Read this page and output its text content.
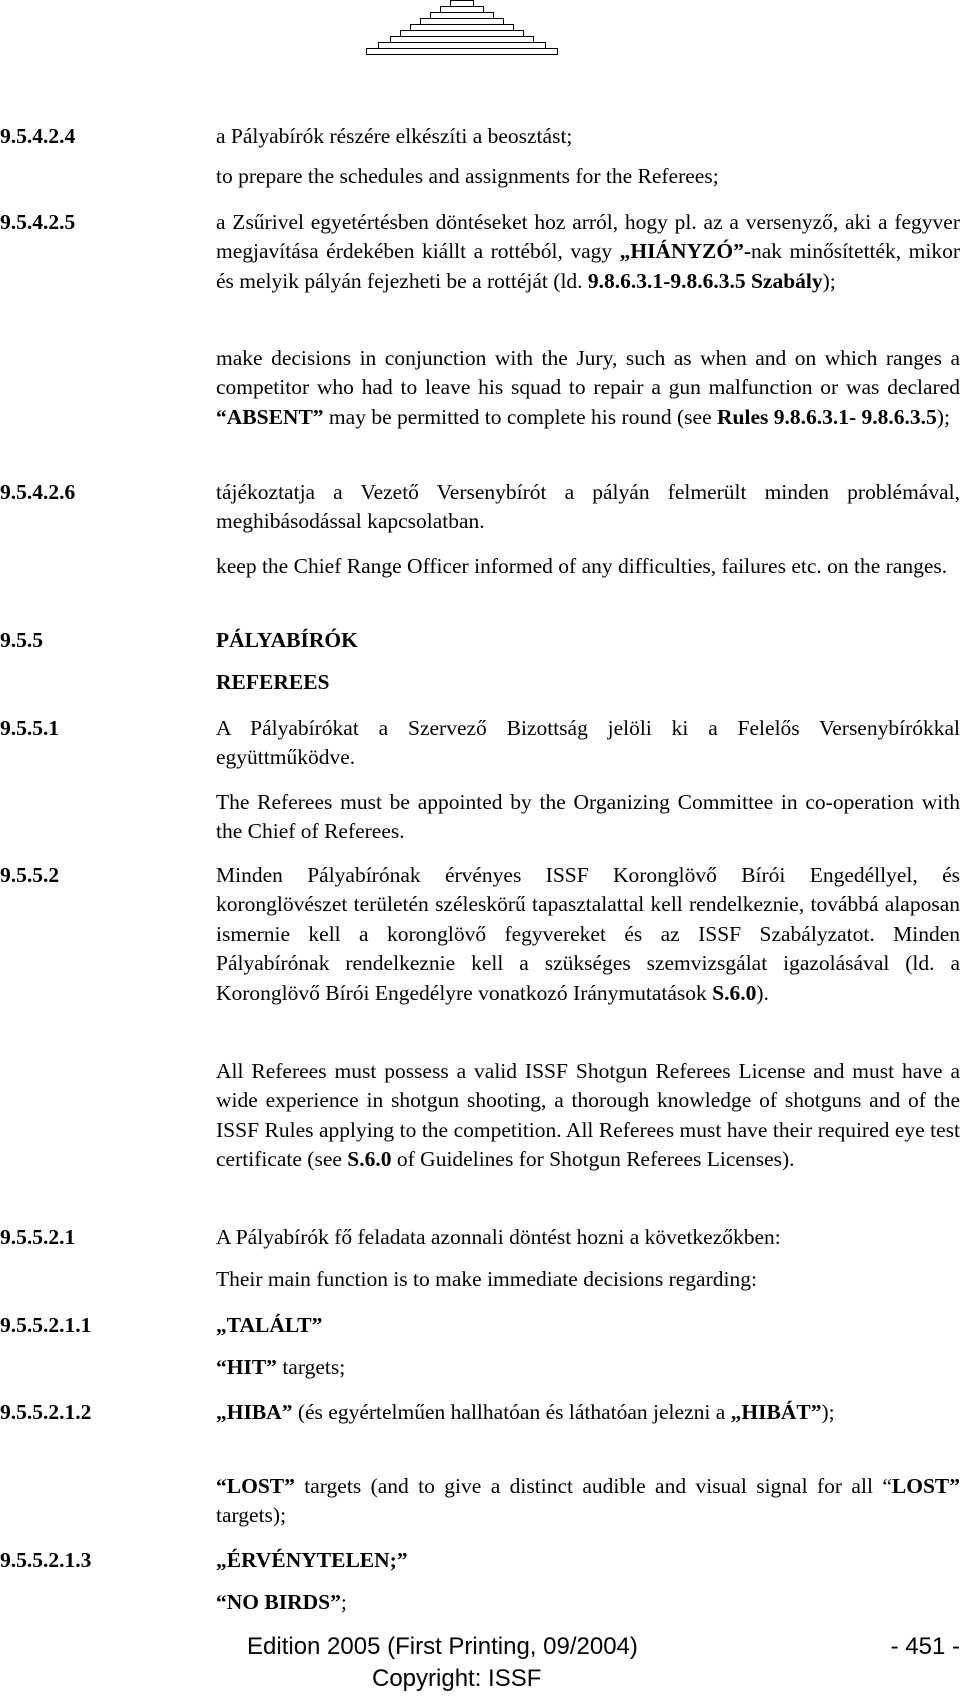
9.5.4.2.4	a Pályabírók részére elkészíti a beosztást;

to prepare the schedules and assignments for the Referees;

9.5.4.2.5	a Zsűrivel egyetértésben döntéseket hoz arról, hogy pl. az a versenyző, aki a fegyver megjavítása érdekében kiállt a rottéból, vagy „HIÁNYZÓ”-nak minősítették, mikor és melyik pályán fejezheti be a rottéját (ld. 9.8.6.3.1-9.8.6.3.5 Szabály);

make decisions in conjunction with the Jury, such as when and on which ranges a competitor who had to leave his squad to repair a gun malfunction or was declared “ABSENT” may be permitted to complete his round (see Rules 9.8.6.3.1- 9.8.6.3.5);

9.5.4.2.6	tájékoztatja a Vezető Versenybírót a pályán felmerült minden problémával, meghibásodással kapcsolatban.

keep the Chief Range Officer informed of any difficulties, failures etc. on the ranges.

9.5.5	PÁLYABÍRÓK

REFEREES

9.5.5.1	A Pályabírókat a Szervező Bizottság jelöli ki a Felelős Versenybírókkal együttműködve.

The Referees must be appointed by the Organizing Committee in co-operation with the Chief of Referees.

9.5.5.2	Minden Pályabírónak érvényes ISSF Koronglövő Bírói Engedéllyel, és koronglövészet területén széleskörű tapasztalattal kell rendelkeznie, továbbá alaposan ismernie kell a koronglövő fegyvereket és az ISSF Szabályzatot. Minden Pályabírónak rendelkeznie kell a szükséges szemvizsgálat igazolásával (ld. a Koronglövő Bírói Engedélyre vonatkozó Iránymutatások S.6.0).

All Referees must possess a valid ISSF Shotgun Referees License and must have a wide experience in shotgun shooting, a thorough knowledge of shotguns and of the ISSF Rules applying to the competition. All Referees must have their required eye test certificate (see S.6.0 of Guidelines for Shotgun Referees Licenses).

9.5.5.2.1	A Pályabírók fő feladata azonnali döntést hozni a következőkben:

Their main function is to make immediate decisions regarding:

9.5.5.2.1.1	„TALÁLT”

“HIT” targets;

9.5.5.2.1.2	„HIBA” (és egyértelműen hallhatóan és láthatóan jelezni a „HIBÁT”);

“LOST” targets (and to give a distinct audible and visual signal for all “LOST” targets);

9.5.5.2.1.3	„ÉRVÉNYTELEN;”

“NO BIRDS”;

Edition 2005 (First Printing, 09/2004)	- 451 -
Copyright: ISSF
